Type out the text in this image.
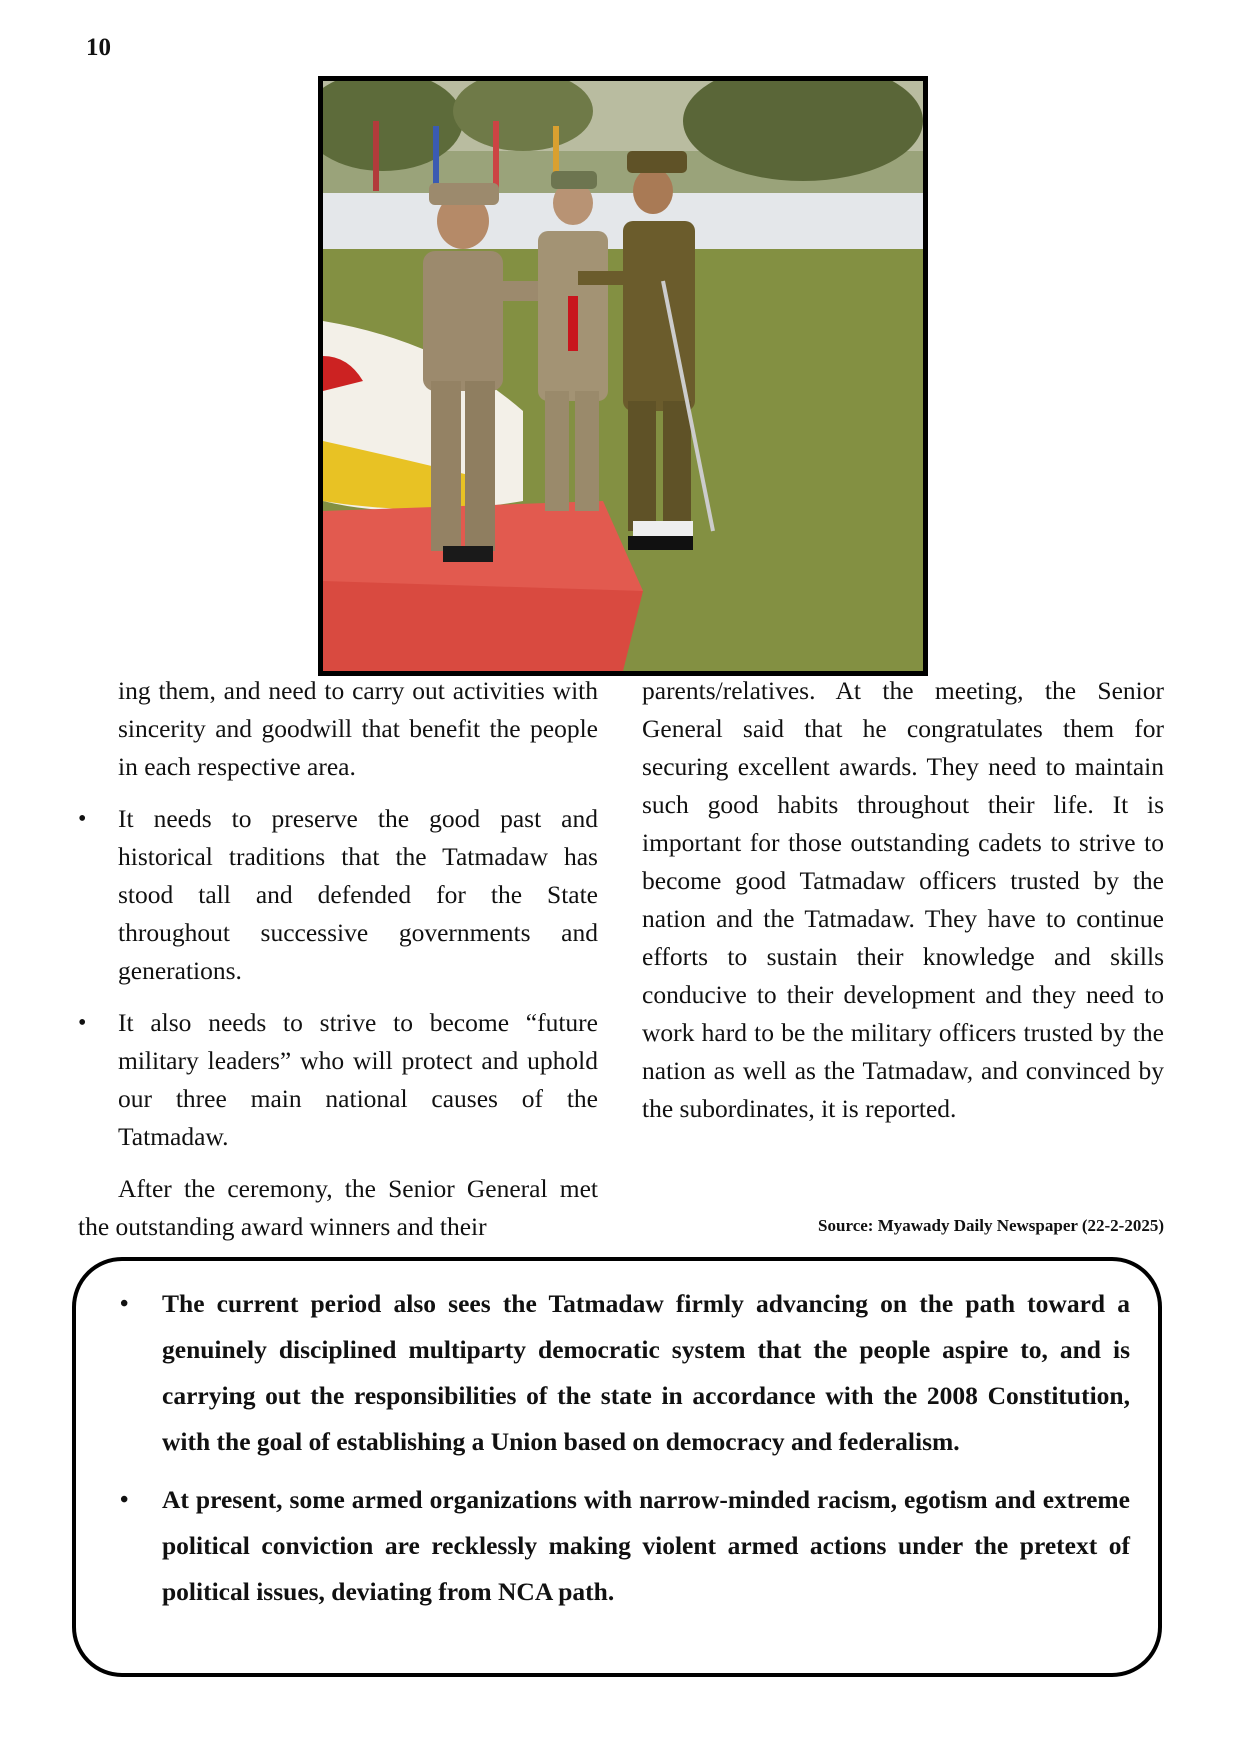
10

ing them, and need to carry out activities with sincerity and goodwill that benefit the people in each respective area.

• It needs to preserve the good past and historical traditions that the Tatmadaw has stood tall and defended for the State throughout successive governments and generations.
• It also needs to strive to become “future military leaders” who will protect and uphold our three main national causes of the Tatmadaw.

After the ceremony, the Senior General met the outstanding award winners and their

parents/relatives. At the meeting, the Senior General said that he congratulates them for securing excellent awards. They need to maintain such good habits throughout their life. It is important for those outstanding cadets to strive to become good Tatmadaw officers trusted by the nation and the Tatmadaw. They have to continue efforts to sustain their knowledge and skills conducive to their development and they need to work hard to be the military officers trusted by the nation as well as the Tatmadaw, and convinced by the subordinates, it is reported.

Source: Myawady Daily Newspaper (22-2-2025)
• The current period also sees the Tatmadaw firmly advancing on the path toward a genuinely disciplined multiparty democratic system that the people aspire to, and is carrying out the responsibilities of the state in accordance with the 2008 Constitution, with the goal of establishing a Union based on democracy and federalism.
• At present, some armed organizations with narrow-minded racism, egotism and extreme political conviction are recklessly making violent armed actions under the pretext of political issues, deviating from NCA path.
